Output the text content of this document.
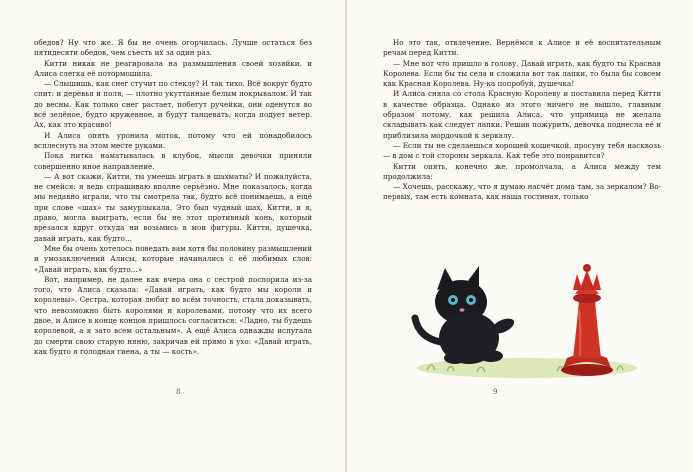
обедов? Ну что же. Я бы не очень огорчилась. Лучше остаться без пятидесяти обедов, чем съесть их за один раз.

Китти никак не реагировала на размышления своей хозяйки, и Алиса слегка её потормошила.

— Слышишь, как снег стучит по стеклу? И так тихо. Всё вокруг будто спит: и деревья и поля, — плотно укуттанные белым покрывалом. И так до весны. Как только снег растает, побегут ручейки, они оденутся во всё зелёное, будто кружевное, и будут танцевать, когда подует ветер. Ах, как это красиво!

И Алиса опять уронила моток, потому что ей понадобилось всплеснуть на этом месте руками.

Пока нитка наматывалась в клубок, мысли девочки приняли совершенно иное направление.

— А вот скажи, Китти, ты умеешь играть в шахматы? И пожалуйста, не смейся: я ведь спрашиваю вполне серьёзно. Мне показалось, когда мы недавно играли, что ты смотрела так, будто всё понимаешь, а ещё при слове «шах» ты замурлыкала. Это был чудный шах, Китти, и я, право, могла выиграть, если бы не этот противный конь, который врезался вдруг откуда ни возьмись в мои фигуры. Китти, душечка, давай играть, как будто…

Мне бы очень хотелось поведать вам хотя бы половину размышлений и умозаключений Алисы, которые начинались с её любимых слов: «Давай играть, как будто…»

Вот, например, не далее как вчера она с сестрой поспорила из-за того, что Алиса сказала: «Давай играть, как будто мы короли и королевы». Сестра, которая любит во всём точность, стала доказывать, что невозможно быть королями и королевами, потому что их всего двое, и Алисе в конце концов пришлось согласиться: «Ладно, ты будешь королевой, а я зато всем остальным». А ещё Алиса однажды испугала до смерти свою старую няню, закричав ей прямо в ухо: «Давай играть, как будто я голодная гиена, а ты — кость».

8

Но это так, отвлечение. Вернёмся к Алисе и её воспитательным речам перед Китти.

— Мне вот что пришло в голову. Давай играть, как будто ты Красная Королева. Если бы ты села и сложила вот так лапки, то была бы совсем как Красная Королева. Ну-ка попробуй, душечка!

И Алиса сняла со стола Красную Королеву и поставила перед Китти в качестве образца. Однако из этого ничего не вышло, главным образом потому, как решила Алиса, что упрямица не желала складывать как следует лапки. Решив пожурить, девочка поднесла её и приблизила мордочкой к зеркалу.

— Если ты не сделаешься хорошей кошечкой, просуну тебя насквозь — в дом с той стороны зеркала. Как тебе это понравится?

Китти опять, конечно же, промолчала, а Алиса между тем продолжила:

— Хочешь, расскажу, что я думаю насчёт дома там, за зеркалом? Во-первых, там есть комната, как наша гостиная, только

9
